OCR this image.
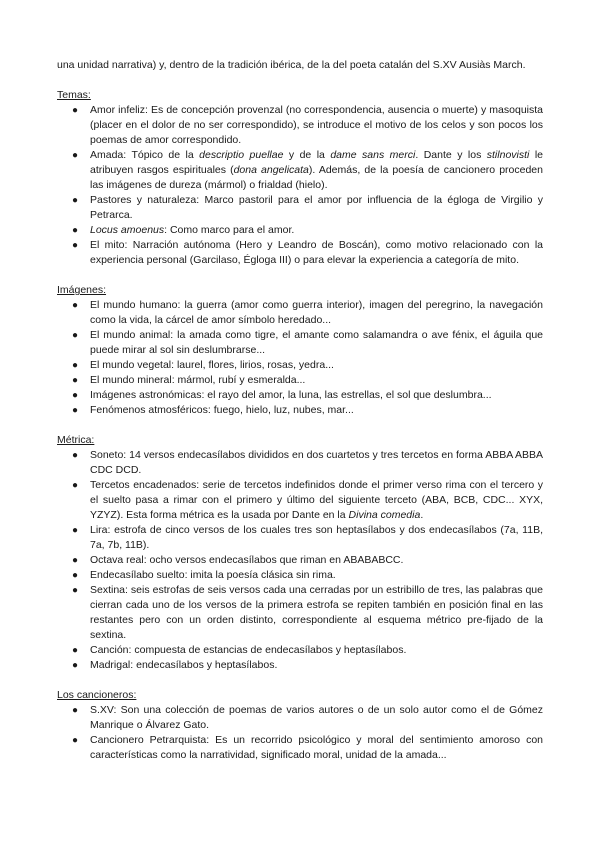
una unidad narrativa) y, dentro de la tradición ibérica, de la del poeta catalán del S.XV Ausiàs March.

Temas:
● Amor infeliz: Es de concepción provenzal (no correspondencia, ausencia o muerte) y masoquista (placer en el dolor de no ser correspondido), se introduce el motivo de los celos y son pocos los poemas de amor correspondido.
● Amada: Tópico de la descriptio puellae y de la dame sans merci. Dante y los stilnovisti le atribuyen rasgos espirituales (dona angelicata). Además, de la poesía de cancionero proceden las imágenes de dureza (mármol) o frialdad (hielo).
● Pastores y naturaleza: Marco pastoril para el amor por influencia de la égloga de Virgilio y Petrarca.
● Locus amoenus: Como marco para el amor.
● El mito: Narración autónoma (Hero y Leandro de Boscán), como motivo relacionado con la experiencia personal (Garcilaso, Égloga III) o para elevar la experiencia a categoría de mito.
Imágenes:
● El mundo humano: la guerra (amor como guerra interior), imagen del peregrino, la navegación como la vida, la cárcel de amor símbolo heredado...
● El mundo animal: la amada como tigre, el amante como salamandra o ave fénix, el águila que puede mirar al sol sin deslumbrarse...
● El mundo vegetal: laurel, flores, lirios, rosas, yedra...
● El mundo mineral: mármol, rubí y esmeralda...
● Imágenes astronómicas: el rayo del amor, la luna, las estrellas, el sol que deslumbra...
● Fenómenos atmosféricos: fuego, hielo, luz, nubes, mar...
Métrica:
● Soneto: 14 versos endecasílabos divididos en dos cuartetos y tres tercetos en forma ABBA ABBA CDC DCD.
● Tercetos encadenados: serie de tercetos indefinidos donde el primer verso rima con el tercero y el suelto pasa a rimar con el primero y último del siguiente terceto (ABA, BCB, CDC... XYX, YZYZ). Esta forma métrica es la usada por Dante en la Divina comedia.
● Lira: estrofa de cinco versos de los cuales tres son heptasílabos y dos endecasílabos (7a, 11B, 7a, 7b, 11B).
● Octava real: ocho versos endecasílabos que riman en ABABABCC.
● Endecasílabo suelto: imita la poesía clásica sin rima.
● Sextina: seis estrofas de seis versos cada una cerradas por un estribillo de tres, las palabras que cierran cada uno de los versos de la primera estrofa se repiten también en posición final en las restantes pero con un orden distinto, correspondiente al esquema métrico pre-fijado de la sextina.
● Canción: compuesta de estancias de endecasílabos y heptasílabos.
● Madrigal: endecasílabos y heptasílabos.
Los cancioneros:
● S.XV: Son una colección de poemas de varios autores o de un solo autor como el de Gómez Manrique o Álvarez Gato.
● Cancionero Petrarquista: Es un recorrido psicológico y moral del sentimiento amoroso con características como la narratividad, significado moral, unidad de la amada...
